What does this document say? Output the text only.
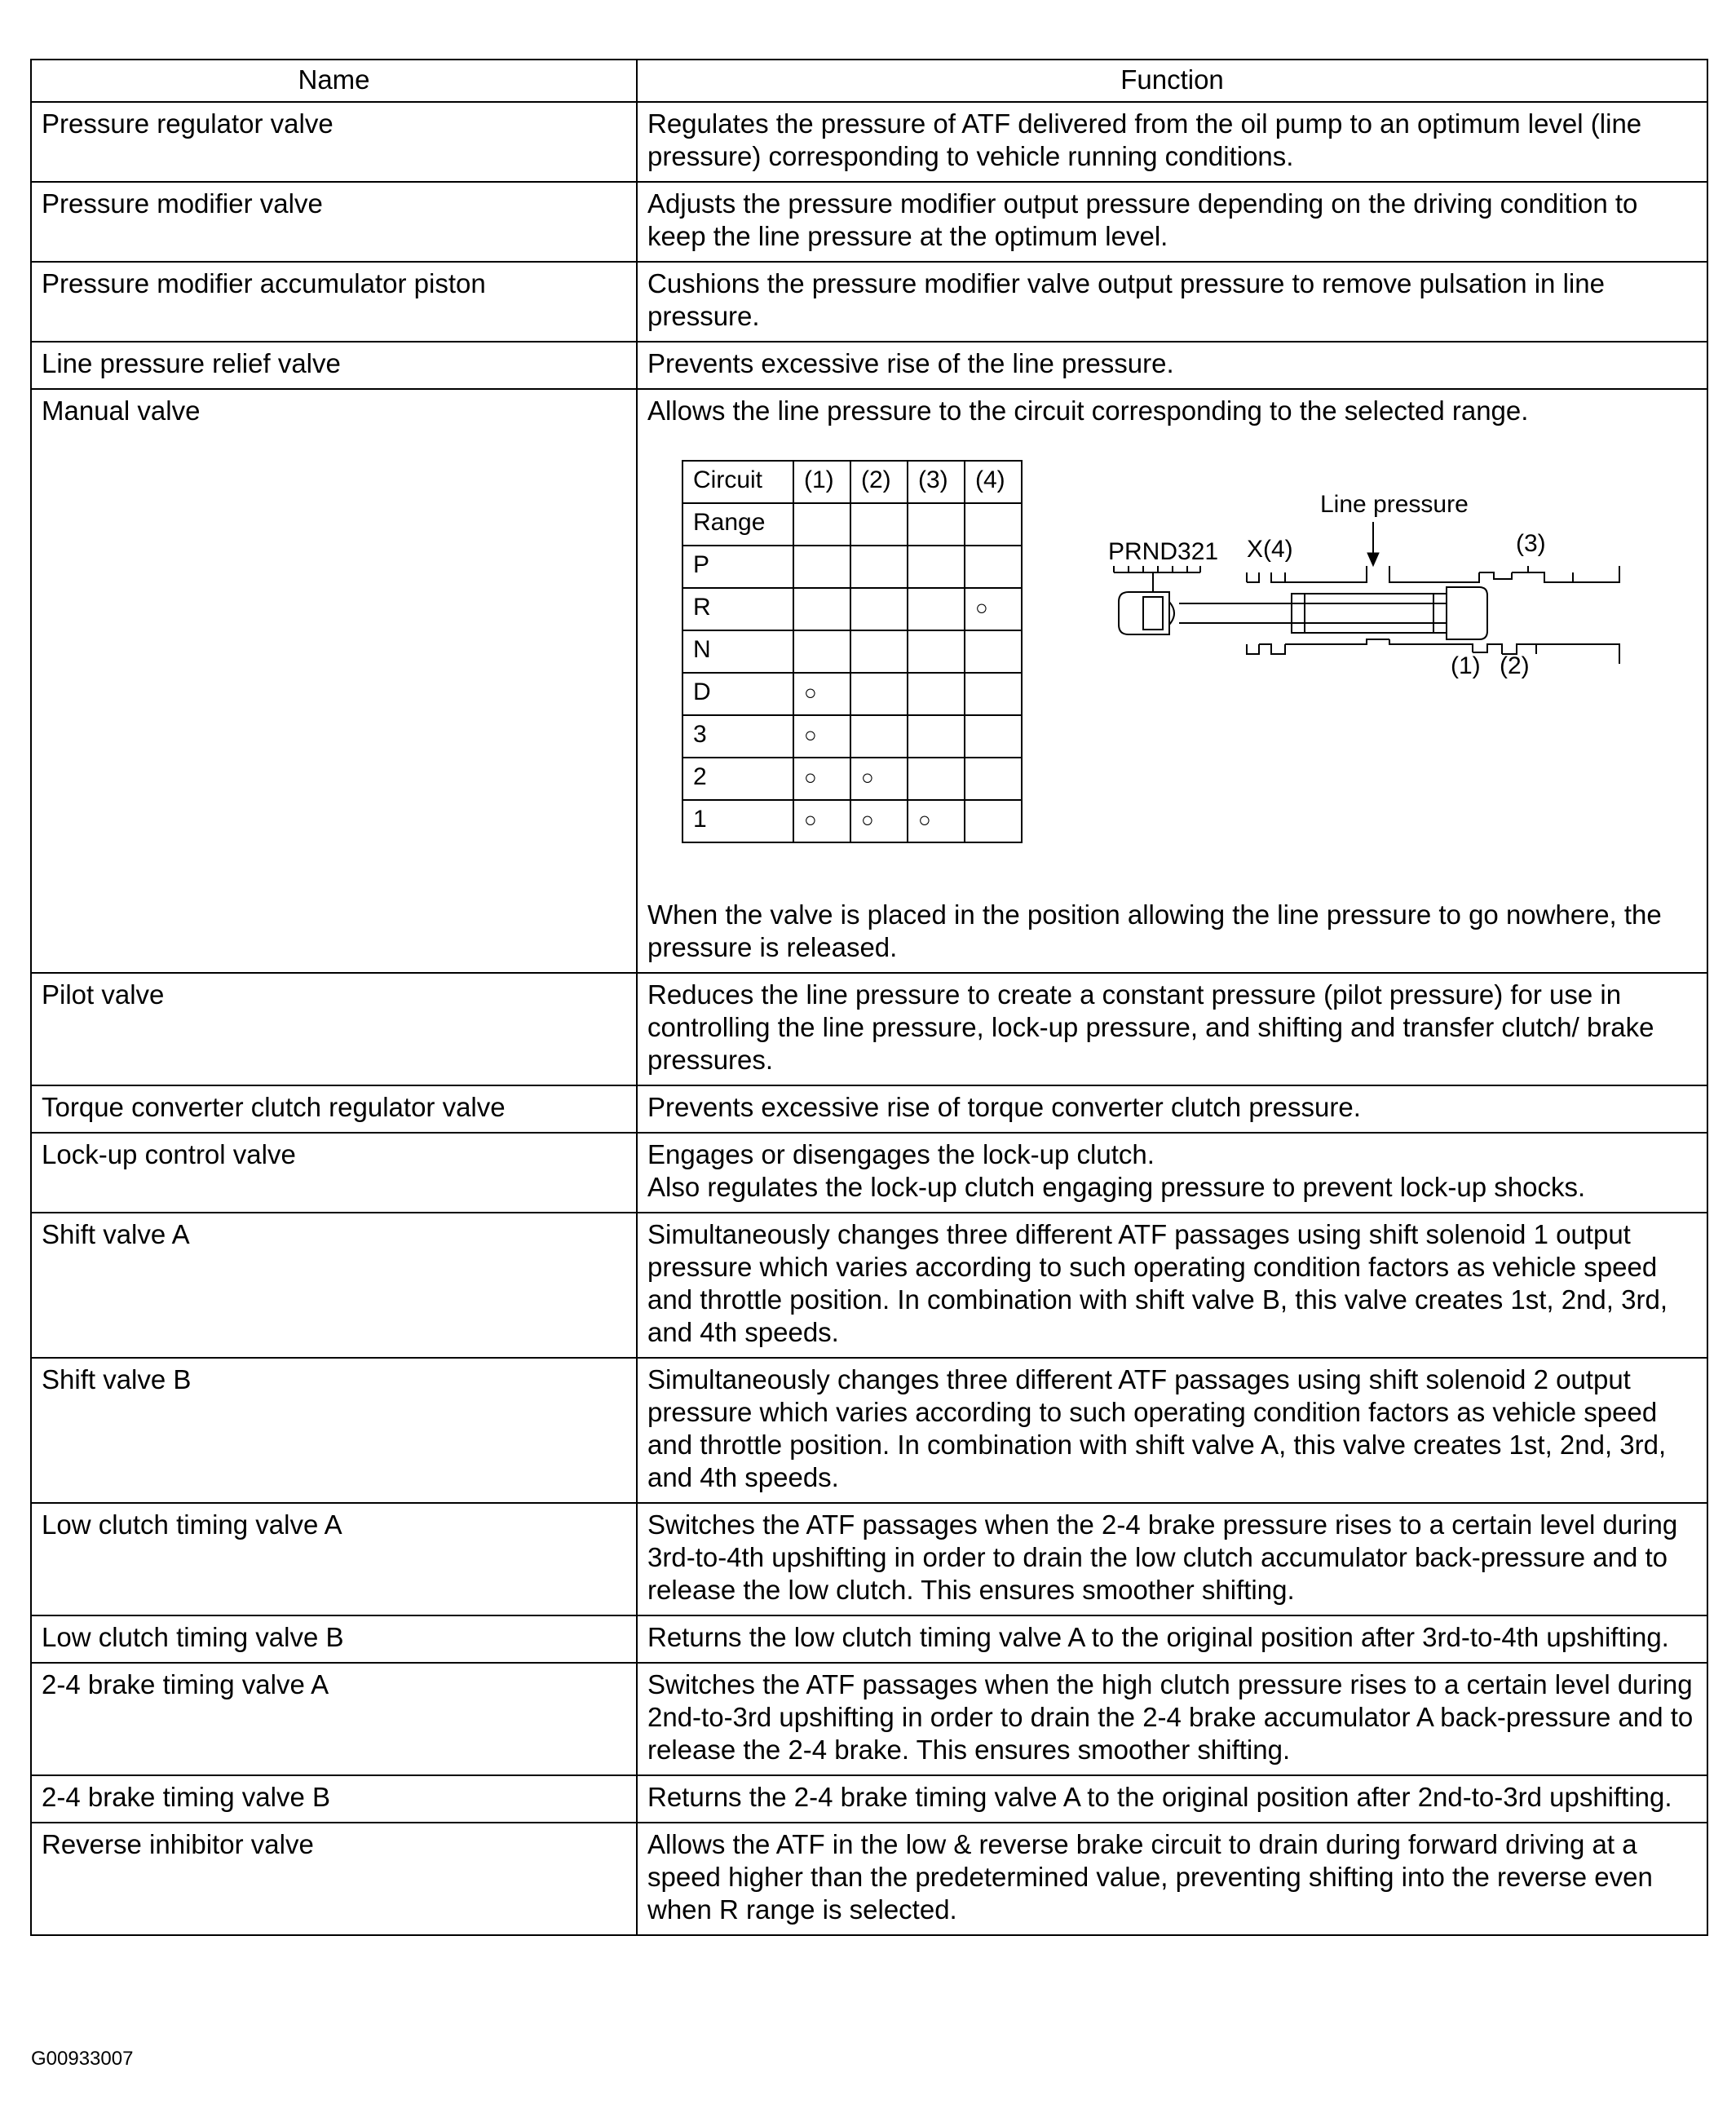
Name	Function
Pressure regulator valve	Regulates the pressure of ATF delivered from the oil pump to an optimum level (line pressure) corresponding to vehicle running conditions.

Pressure modifier valve	Adjusts the pressure modifier output pressure depending on the driving condition to keep the line pressure at the optimum level.

Pressure modifier accumulator piston	Cushions the pressure modifier valve output pressure to remove pulsation in line pressure.

Line pressure relief valve	Prevents excessive rise of the line pressure.

Manual valve	Allows the line pressure to the circuit corresponding to the selected range.
Circuit	(1)	(2)	(3)	(4)
Range				
P				
R				○
N				
D	○			
3	○			
2	○	○		
1	○	○	○	
Line pressure
PRND321 X(4)	(3)
(1) (2)
When the valve is placed in the position allowing the line pressure to go nowhere, the pressure is released.

Pilot valve	Reduces the line pressure to create a constant pressure (pilot pressure) for use in controlling the line pressure, lock-up pressure, and shifting and transfer clutch/ brake pressures.

Torque converter clutch regulator valve	Prevents excessive rise of torque converter clutch pressure.

Lock-up control valve	Engages or disengages the lock-up clutch.
Also regulates the lock-up clutch engaging pressure to prevent lock-up shocks.

Shift valve A	Simultaneously changes three different ATF passages using shift solenoid 1 output pressure which varies according to such operating condition factors as vehicle speed and throttle position. In combination with shift valve B, this valve creates 1st, 2nd, 3rd, and 4th speeds.

Shift valve B	Simultaneously changes three different ATF passages using shift solenoid 2 output pressure which varies according to such operating condition factors as vehicle speed and throttle position. In combination with shift valve A, this valve creates 1st, 2nd, 3rd, and 4th speeds.

Low clutch timing valve A	Switches the ATF passages when the 2-4 brake pressure rises to a certain level during 3rd-to-4th upshifting in order to drain the low clutch accumulator back-pressure and to release the low clutch. This ensures smoother shifting.

Low clutch timing valve B	Returns the low clutch timing valve A to the original position after 3rd-to-4th upshifting.

2-4 brake timing valve A	Switches the ATF passages when the high clutch pressure rises to a certain level during 2nd-to-3rd upshifting in order to drain the 2-4 brake accumulator A back-pressure and to release the 2-4 brake. This ensures smoother shifting.

2-4 brake timing valve B	Returns the 2-4 brake timing valve A to the original position after 2nd-to-3rd upshifting.

Reverse inhibitor valve	Allows the ATF in the low & reverse brake circuit to drain during forward driving at a speed higher than the predetermined value, preventing shifting into the reverse even when R range is selected.
G00933007
